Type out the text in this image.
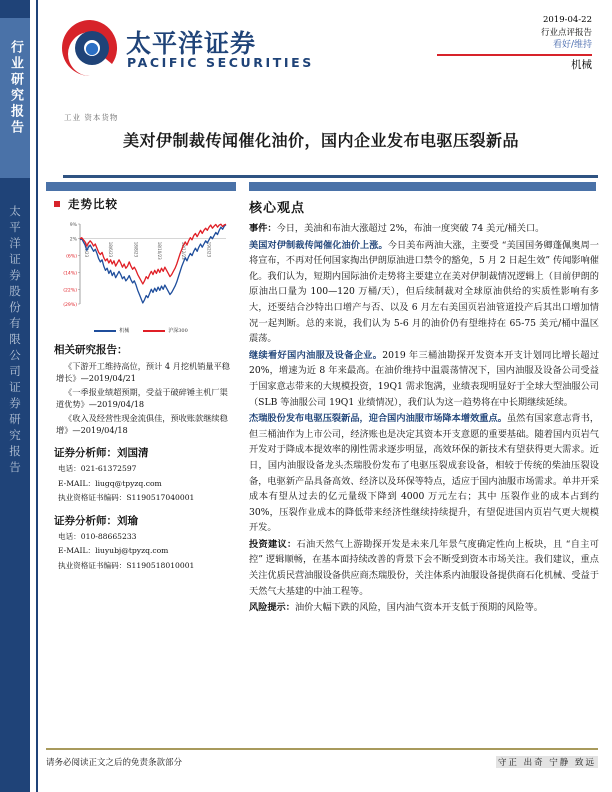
行业研究报告
太平洋证券股份有限公司证券研究报告
太平洋证券
PACIFIC SECURITIES
2019-04-22
行业点评报告
看好/维持
机械
工业 资本货物
美对伊制裁传闻催化油价，国内企业发布电驱压裂新品
走势比较
9%
2%
(6%)
(14%)
(22%)
(29%)
18/4/23	18/6/23	18/8/23	18/10/23	18/12/23	19/2/23
机械	沪深300
相关研究报告：
《下游开工维持高位，预计 4 月挖机销量平稳增长》—2019/04/21
《一季报业绩超预期，受益于破碎锤主机厂渠道优势》—2019/04/18
《收入及经营性现金流俱佳，预收账款继续稳增》—2019/04/18
证券分析师：刘国清
电话：021-61372597
E-MAIL：liugq@tpyzq.com
执业资格证书编码：S1190517040001
证券分析师：刘瑜
电话：010-88665233
E-MAIL：liuyubj@tpyzq.com
执业资格证书编码：S1190518010001
核心观点

事件：今日，美油和布油大涨超过 2%，布油一度突破 74 美元/桶关口。

美国对伊制裁传闻催化油价上涨。今日美布两油大涨，主要受 “美国国务卿蓬佩奥周一将宣布，不再对任何国家掏出伊朗原油进口禁令的豁免，5 月 2 日起生效” 传闻影响催化。我们认为，短期内国际油价走势将主要建立在美对伊制裁情况逻辑上（目前伊朗的原油出口量为 100—120 万桶/天），但后续制裁对全球原油供给的实质性影响有多大，还要结合沙特出口增产与否、以及 6 月左右美国页岩油管道投产后其出口增加情况一起判断。总的来说，我们认为 5-6 月的油价仍有望维持在 65-75 美元/桶中温区震荡。

继续看好国内油服及设备企业。2019 年三桶油勘探开发资本开支计划同比增长超过 20%，增速为近 8 年来最高。在油价维持中温震荡情况下，国内油服及设备公司受益于国家意志带来的大规模投资，19Q1 需求饱满，业绩表现明显好于全球大型油服公司（SLB 等油服公司 19Q1 业绩情况），我们认为这一趋势将在中长期继续延续。

杰瑞股份发布电驱压裂新品，迎合国内油服市场降本增效重点。虽然有国家意志背书，但三桶油作为上市公司，经济账也是决定其资本开支意愿的重要基础。随着国内页岩气开发对于降成本提效率的刚性需求逐步明显，高效环保的新技术有望获得更大需求。近日，国内油服设备龙头杰瑞股份发布了电驱压裂成套设备，相较于传统的柴油压裂设备，电驱新产品具备高效、经济以及环保等特点，适应于国内油服市场需求。单井开采成本有望从过去的亿元量级下降到 4000 万元左右；其中 压裂作业的成本占到约 30%，压裂作业成本的降低带来经济性继续持续提升，有望促进国内页岩气更大规模开发。

投资建议：石油天然气上游勘探开发是未来几年景气度确定性向上板块，且 “自主可控” 逻辑顺畅，在基本面持续改善的背景下会不断受到资本市场关注。我们建议，重点关注优质民营油服设备供应商杰瑞股份，关注体系内油服设备提供商石化机械、受益于天然气大基建的中油工程等。

风险提示：油价大幅下跌的风险，国内油气资本开支低于预期的风险等。

请务必阅读正文之后的免责条款部分	守正 出奇 宁静 致远
